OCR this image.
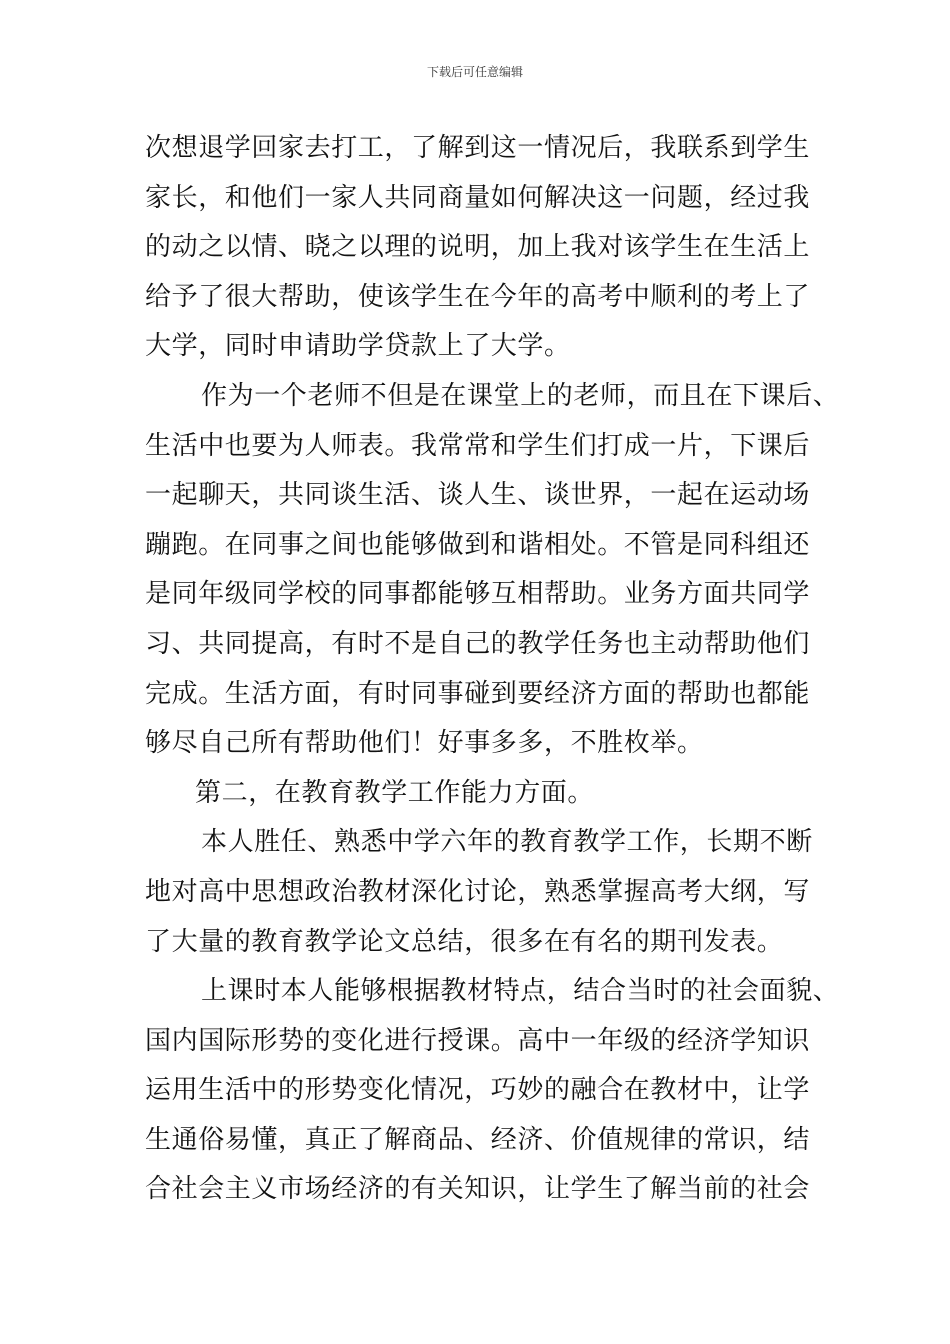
下载后可任意编辑
次想退学回家去打工，了解到这一情况后，我联系到学生
家长，和他们一家人共同商量如何解决这一问题，经过我
的动之以情、晓之以理的说明，加上我对该学生在生活上
给予了很大帮助，使该学生在今年的高考中顺利的考上了
大学，同时申请助学贷款上了大学。
作为一个老师不但是在课堂上的老师，而且在下课后、
生活中也要为人师表。我常常和学生们打成一片，下课后
一起聊天，共同谈生活、谈人生、谈世界，一起在运动场
蹦跑。在同事之间也能够做到和谐相处。不管是同科组还
是同年级同学校的同事都能够互相帮助。业务方面共同学
习、共同提高，有时不是自己的教学任务也主动帮助他们
完成。生活方面，有时同事碰到要经济方面的帮助也都能
够尽自己所有帮助他们！好事多多，不胜枚举。
第二，在教育教学工作能力方面。
本人胜任、熟悉中学六年的教育教学工作，长期不断
地对高中思想政治教材深化讨论，熟悉掌握高考大纲，写
了大量的教育教学论文总结，很多在有名的期刊发表。
上课时本人能够根据教材特点，结合当时的社会面貌、
国内国际形势的变化进行授课。高中一年级的经济学知识
运用生活中的形势变化情况，巧妙的融合在教材中，让学
生通俗易懂，真正了解商品、经济、价值规律的常识，结
合社会主义市场经济的有关知识，让学生了解当前的社会
